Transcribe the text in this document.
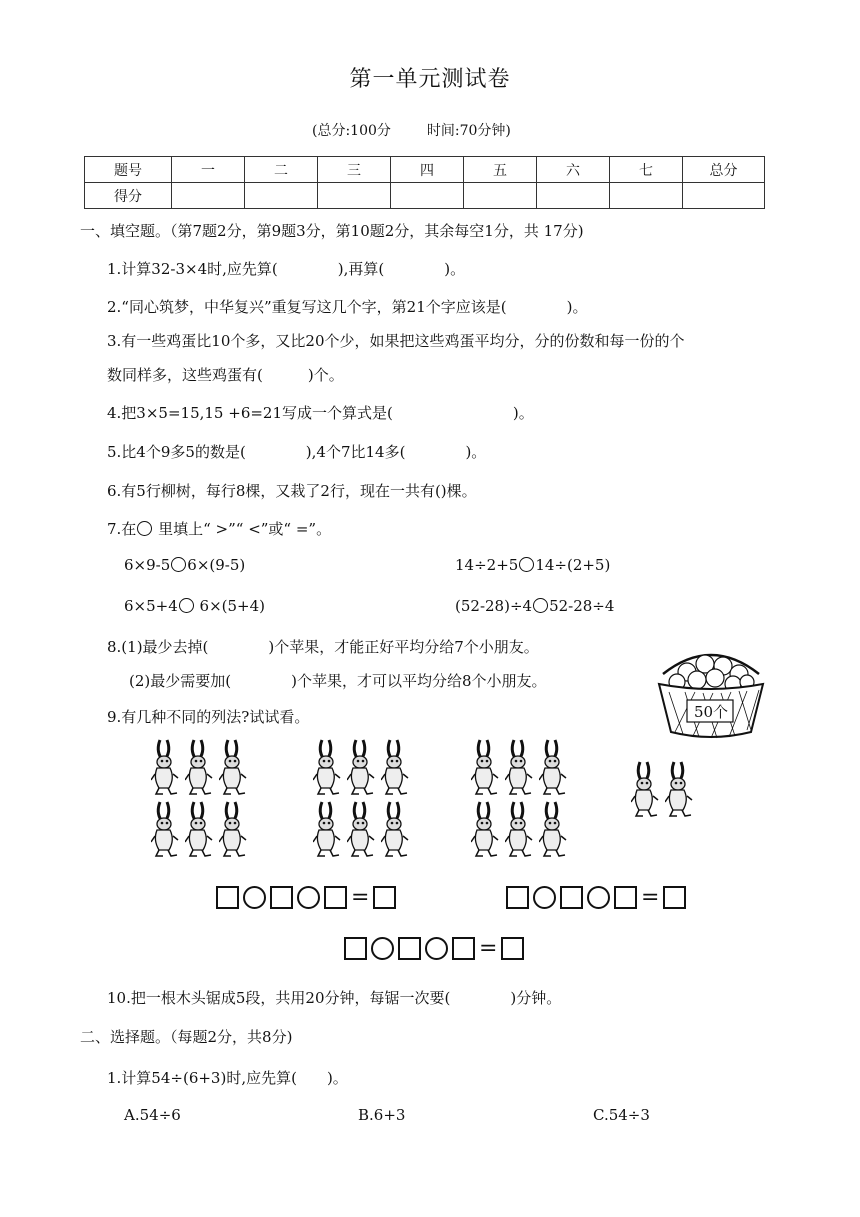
第一单元测试卷
(总分:100分	时间:70分钟)
题号	一	二	三	四	五	六	七	总分
得分								
一、填空题。（第7题2分，第9题3分，第10题2分，其余每空1分，共 17分)
1.计算32-3×4时,应先算(　　　　),再算(　　　　)。
2.“同心筑梦，中华复兴”重复写这几个字，第21个字应该是(　　　　)。
3.有一些鸡蛋比10个多，又比20个少，如果把这些鸡蛋平均分，分的份数和每一份的个
数同样多，这些鸡蛋有(　　　)个。
4.把3×5=15,15 +6=21写成一个算式是(　　　　　　　　)。
5.比4个9多5的数是(　　　　),4个7比14多(　　　　)。
6.有5行柳树，每行8棵，又栽了2行，现在一共有()棵。
7.在 里填上“ >”“ <”或“ =”。
6×9-5 6×(9-5)	14÷2+5 14÷(2+5)
6×5+4 6×(5+4)	(52-28)÷4 52-28÷4
8.(1)最少去掉(　　　　)个苹果，才能正好平均分给7个小朋友。
(2)最少需要加(　　　　)个苹果，才可以平均分给8个小朋友。
50个
9.有几种不同的列法?试试看。
=	=
=
10.把一根木头锯成5段，共用20分钟，每锯一次要(　　　　)分钟。
二、选择题。（每题2分，共8分)
1.计算54÷(6+3)时,应先算(　　)。
A.54÷6	B.6+3	C.54÷3
